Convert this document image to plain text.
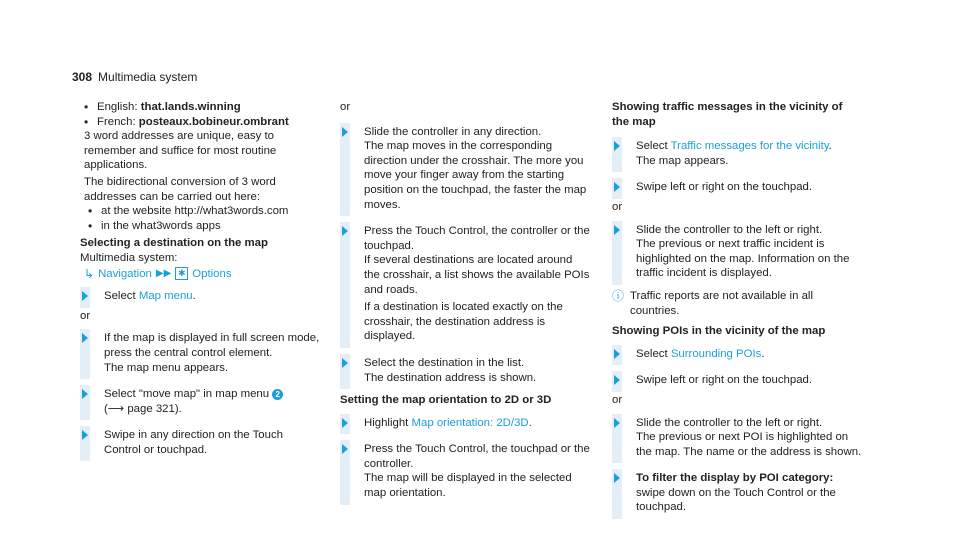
308 Multimedia system
• English: that.lands.winning
• French: posteaux.bobineur.ombrant

3 word addresses are unique, easy to remember and suffice for most routine applications.

The bidirectional conversion of 3 word addresses can be carried out here:

• at the website http://what3words.com
• in the what3words apps

Selecting a destination on the map

Multimedia system:

↳ Navigation ▶▶ ✱ Options
Select Map menu.

or

If the map is displayed in full screen mode, press the central control element.
The map menu appears.
Select "move map" in map menu 2
(⟶ page 321).
Swipe in any direction on the Touch Control or touchpad.

or

Slide the controller in any direction.
The map moves in the corresponding direction under the crosshair. The more you move your finger away from the starting position on the touchpad, the faster the map moves.
Press the Touch Control, the controller or the touchpad.
If several destinations are located around the crosshair, a list shows the available POIs and roads.
If a destination is located exactly on the crosshair, the destination address is displayed.
Select the destination in the list.
The destination address is shown.

Setting the map orientation to 2D or 3D

Highlight Map orientation: 2D/3D.
Press the Touch Control, the touchpad or the controller.
The map will be displayed in the selected map orientation.

Showing traffic messages in the vicinity of the map

Select Traffic messages for the vicinity.
The map appears.
Swipe left or right on the touchpad.

or

Slide the controller to the left or right.
The previous or next traffic incident is highlighted on the map. Information on the traffic incident is displayed.
ⓘ Traffic reports are not available in all countries.

Showing POIs in the vicinity of the map

Select Surrounding POIs.
Swipe left or right on the touchpad.

or

Slide the controller to the left or right.
The previous or next POI is highlighted on the map. The name or the address is shown.
To filter the display by POI category:
swipe down on the Touch Control or the touchpad.
